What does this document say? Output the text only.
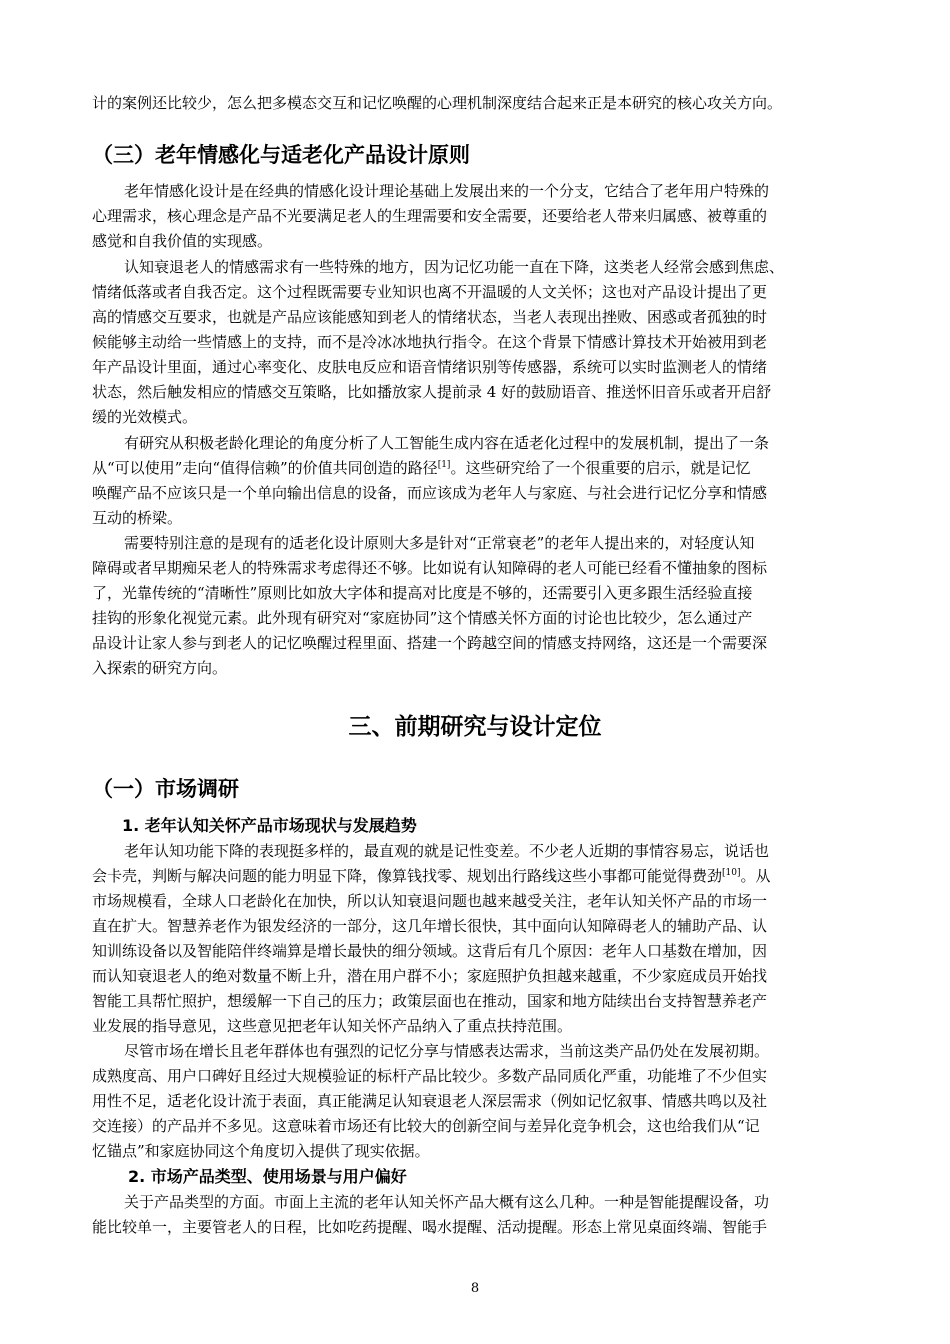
计的案例还比较少，怎么把多模态交互和记忆唤醒的心理机制深度结合起来正是本研究的核心攻关方向。
（三）老年情感化与适老化产品设计原则
老年情感化设计是在经典的情感化设计理论基础上发展出来的一个分支，它结合了老年用户特殊的
心理需求，核心理念是产品不光要满足老人的生理需要和安全需要，还要给老人带来归属感、被尊重的
感觉和自我价值的实现感。
认知衰退老人的情感需求有一些特殊的地方，因为记忆功能一直在下降，这类老人经常会感到焦虑、
情绪低落或者自我否定。这个过程既需要专业知识也离不开温暖的人文关怀；这也对产品设计提出了更
高的情感交互要求，也就是产品应该能感知到老人的情绪状态，当老人表现出挫败、困惑或者孤独的时
候能够主动给一些情感上的支持，而不是冷冰冰地执行指令。在这个背景下情感计算技术开始被用到老
年产品设计里面，通过心率变化、皮肤电反应和语音情绪识别等传感器，系统可以实时监测老人的情绪
状态，然后触发相应的情感交互策略，比如播放家人提前录 4 好的鼓励语音、推送怀旧音乐或者开启舒
缓的光效模式。
有研究从积极老龄化理论的角度分析了人工智能生成内容在适老化过程中的发展机制，提出了一条
从“可以使用”走向“值得信赖”的价值共同创造的路径[1]。这些研究给了一个很重要的启示，就是记忆
唤醒产品不应该只是一个单向输出信息的设备，而应该成为老年人与家庭、与社会进行记忆分享和情感
互动的桥梁。
需要特别注意的是现有的适老化设计原则大多是针对“正常衰老”的老年人提出来的，对轻度认知
障碍或者早期痴呆老人的特殊需求考虑得还不够。比如说有认知障碍的老人可能已经看不懂抽象的图标
了，光靠传统的“清晰性”原则比如放大字体和提高对比度是不够的，还需要引入更多跟生活经验直接
挂钩的形象化视觉元素。此外现有研究对“家庭协同”这个情感关怀方面的讨论也比较少，怎么通过产
品设计让家人参与到老人的记忆唤醒过程里面、搭建一个跨越空间的情感支持网络，这还是一个需要深
入探索的研究方向。
三、前期研究与设计定位
（一）市场调研
1. 老年认知关怀产品市场现状与发展趋势
老年认知功能下降的表现挺多样的，最直观的就是记性变差。不少老人近期的事情容易忘，说话也
会卡壳，判断与解决问题的能力明显下降，像算钱找零、规划出行路线这些小事都可能觉得费劲[10]。从
市场规模看，全球人口老龄化在加快，所以认知衰退问题也越来越受关注，老年认知关怀产品的市场一
直在扩大。智慧养老作为银发经济的一部分，这几年增长很快，其中面向认知障碍老人的辅助产品、认
知训练设备以及智能陪伴终端算是增长最快的细分领域。这背后有几个原因：老年人口基数在增加，因
而认知衰退老人的绝对数量不断上升，潜在用户群不小；家庭照护负担越来越重，不少家庭成员开始找
智能工具帮忙照护，想缓解一下自己的压力；政策层面也在推动，国家和地方陆续出台支持智慧养老产
业发展的指导意见，这些意见把老年认知关怀产品纳入了重点扶持范围。
尽管市场在增长且老年群体也有强烈的记忆分享与情感表达需求，当前这类产品仍处在发展初期。
成熟度高、用户口碑好且经过大规模验证的标杆产品比较少。多数产品同质化严重，功能堆了不少但实
用性不足，适老化设计流于表面，真正能满足认知衰退老人深层需求（例如记忆叙事、情感共鸣以及社
交连接）的产品并不多见。这意味着市场还有比较大的创新空间与差异化竞争机会，这也给我们从“记
忆锚点”和家庭协同这个角度切入提供了现实依据。
2. 市场产品类型、使用场景与用户偏好
关于产品类型的方面。市面上主流的老年认知关怀产品大概有这么几种。一种是智能提醒设备，功
能比较单一，主要管老人的日程，比如吃药提醒、喝水提醒、活动提醒。形态上常见桌面终端、智能手
8
